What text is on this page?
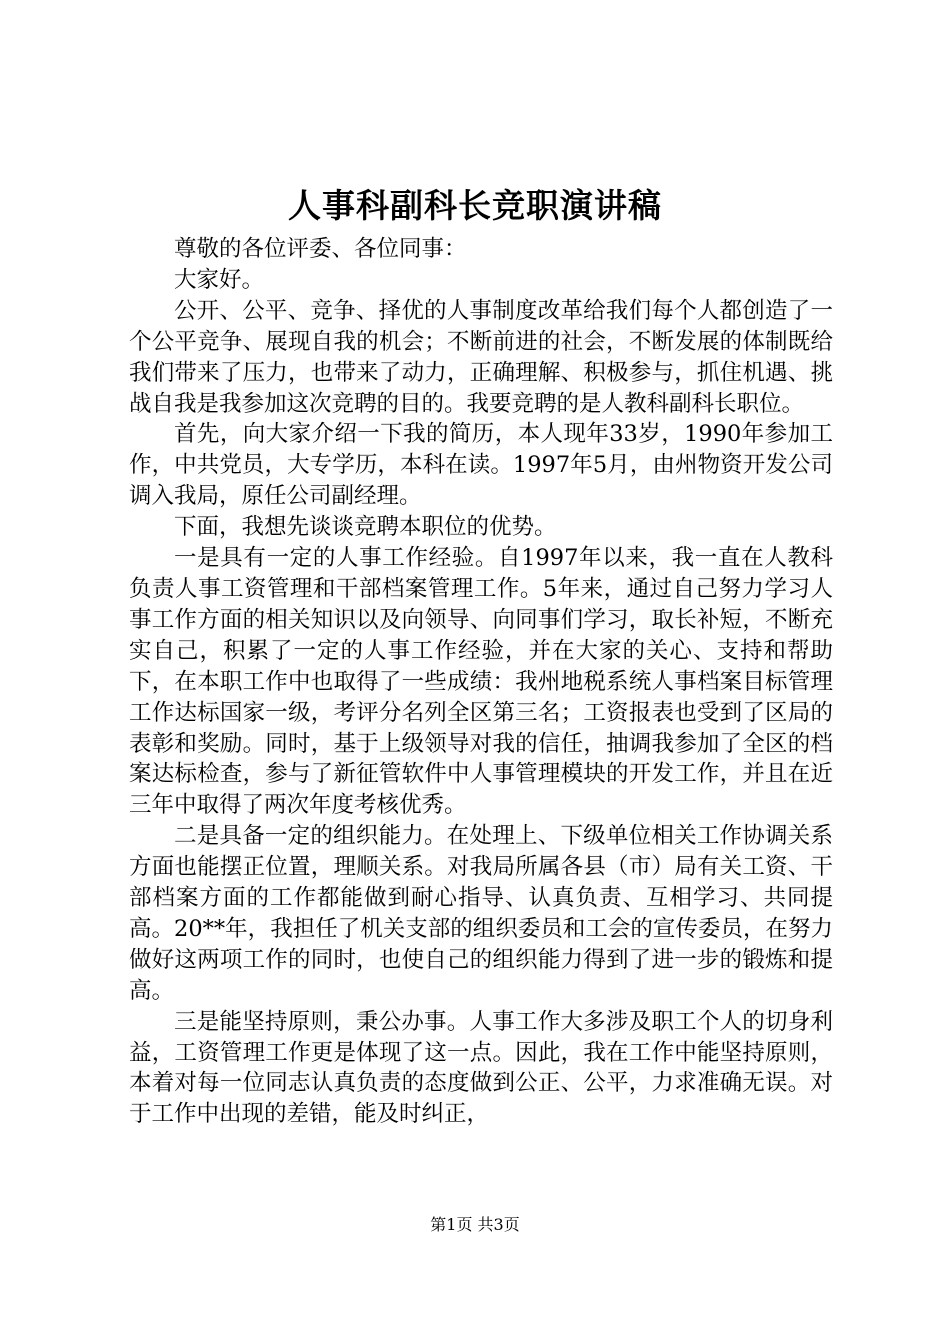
人事科副科长竞职演讲稿

尊敬的各位评委、各位同事：

大家好。

公开、公平、竞争、择优的人事制度改革给我们每个人都创造了一个公平竞争、展现自我的机会；不断前进的社会，不断发展的体制既给我们带来了压力，也带来了动力，正确理解、积极参与，抓住机遇、挑战自我是我参加这次竞聘的目的。我要竞聘的是人教科副科长职位。

首先，向大家介绍一下我的简历，本人现年33岁，1990年参加工作，中共党员，大专学历，本科在读。1997年5月，由州物资开发公司调入我局，原任公司副经理。

下面，我想先谈谈竞聘本职位的优势。

一是具有一定的人事工作经验。自1997年以来，我一直在人教科负责人事工资管理和干部档案管理工作。5年来，通过自己努力学习人事工作方面的相关知识以及向领导、向同事们学习，取长补短，不断充实自己，积累了一定的人事工作经验，并在大家的关心、支持和帮助下，在本职工作中也取得了一些成绩：我州地税系统人事档案目标管理工作达标国家一级，考评分名列全区第三名；工资报表也受到了区局的表彰和奖励。同时，基于上级领导对我的信任，抽调我参加了全区的档案达标检查，参与了新征管软件中人事管理模块的开发工作，并且在近三年中取得了两次年度考核优秀。

二是具备一定的组织能力。在处理上、下级单位相关工作协调关系方面也能摆正位置，理顺关系。对我局所属各县（市）局有关工资、干部档案方面的工作都能做到耐心指导、认真负责、互相学习、共同提高。20**年，我担任了机关支部的组织委员和工会的宣传委员，在努力做好这两项工作的同时，也使自己的组织能力得到了进一步的锻炼和提高。

三是能坚持原则，秉公办事。人事工作大多涉及职工个人的切身利益，工资管理工作更是体现了这一点。因此，我在工作中能坚持原则，本着对每一位同志认真负责的态度做到公正、公平，力求准确无误。对于工作中出现的差错，能及时纠正，

第1页 共3页
